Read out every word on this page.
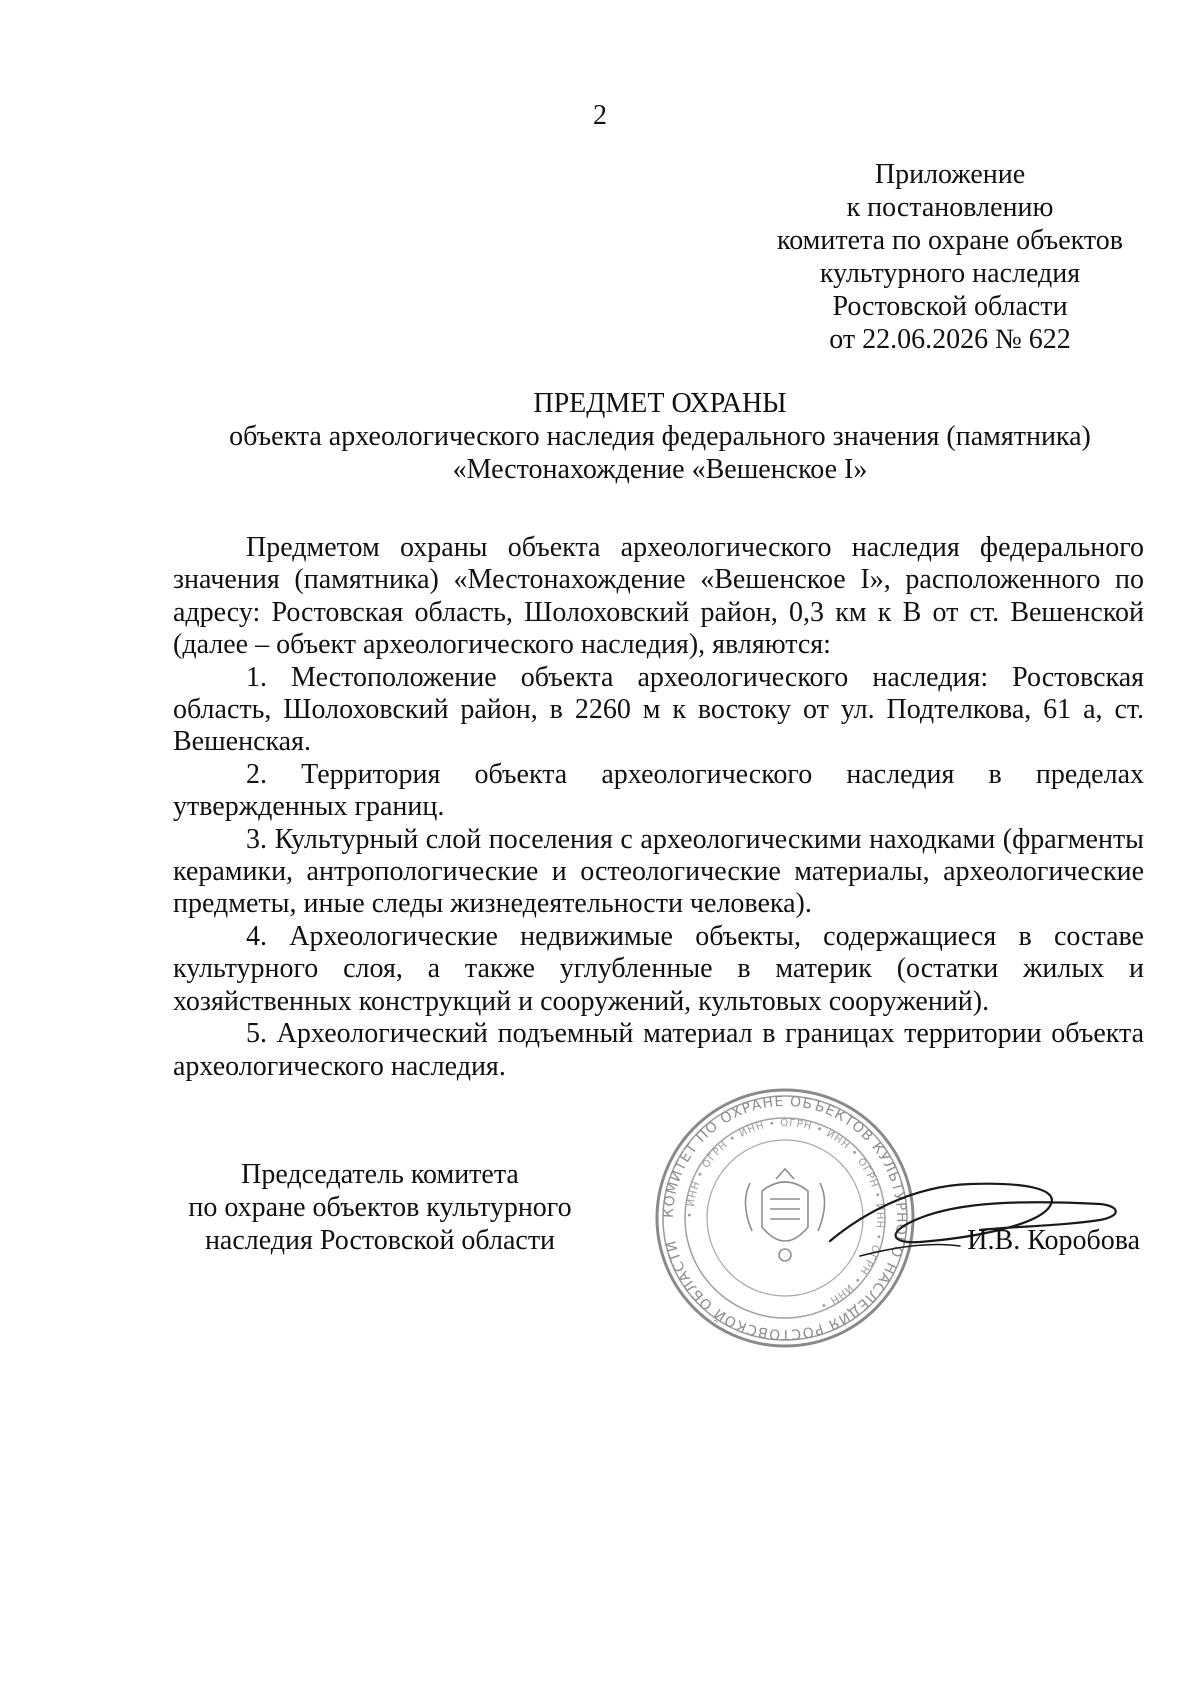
2
Приложение
к постановлению
комитета по охране объектов
культурного наследия
Ростовской области
от 22.06.2026 № 622
ПРЕДМЕТ ОХРАНЫ
объекта археологического наследия федерального значения (памятника)
«Местонахождение «Вешенское I»

Предметом охраны объекта археологического наследия федерального значения (памятника) «Местонахождение «Вешенское I», расположенного по адресу: Ростовская область, Шолоховский район, 0,3 км к В от ст. Вешенской (далее – объект археологического наследия), являются:

1. Местоположение объекта археологического наследия: Ростовская область, Шолоховский район, в 2260 м к востоку от ул. Подтелкова, 61 а, ст. Вешенская.

2. Территория объекта археологического наследия в пределах утвержденных границ.

3. Культурный слой поселения с археологическими находками (фрагменты керамики, антропологические и остеологические материалы, археологические предметы, иные следы жизнедеятельности человека).

4. Археологические недвижимые объекты, содержащиеся в составе культурного слоя, а также углубленные в материк (остатки жилых и хозяйственных конструкций и сооружений, культовых сооружений).

5. Археологический подъемный материал в границах территории объекта археологического наследия.

Председатель комитета
по охране объектов культурного
наследия Ростовской области
КОМИТЕТ ПО ОХРАНЕ ОБЪЕКТОВ КУЛЬТУРНОГО НАСЛЕДИЯ РОСТОВСКОЙ ОБЛАСТИ
• ИНН • ОГРН • ИНН • ОГРН • ИНН • ОГРН • ИНН • ОГРН • ИНН •
И.В. Коробова
